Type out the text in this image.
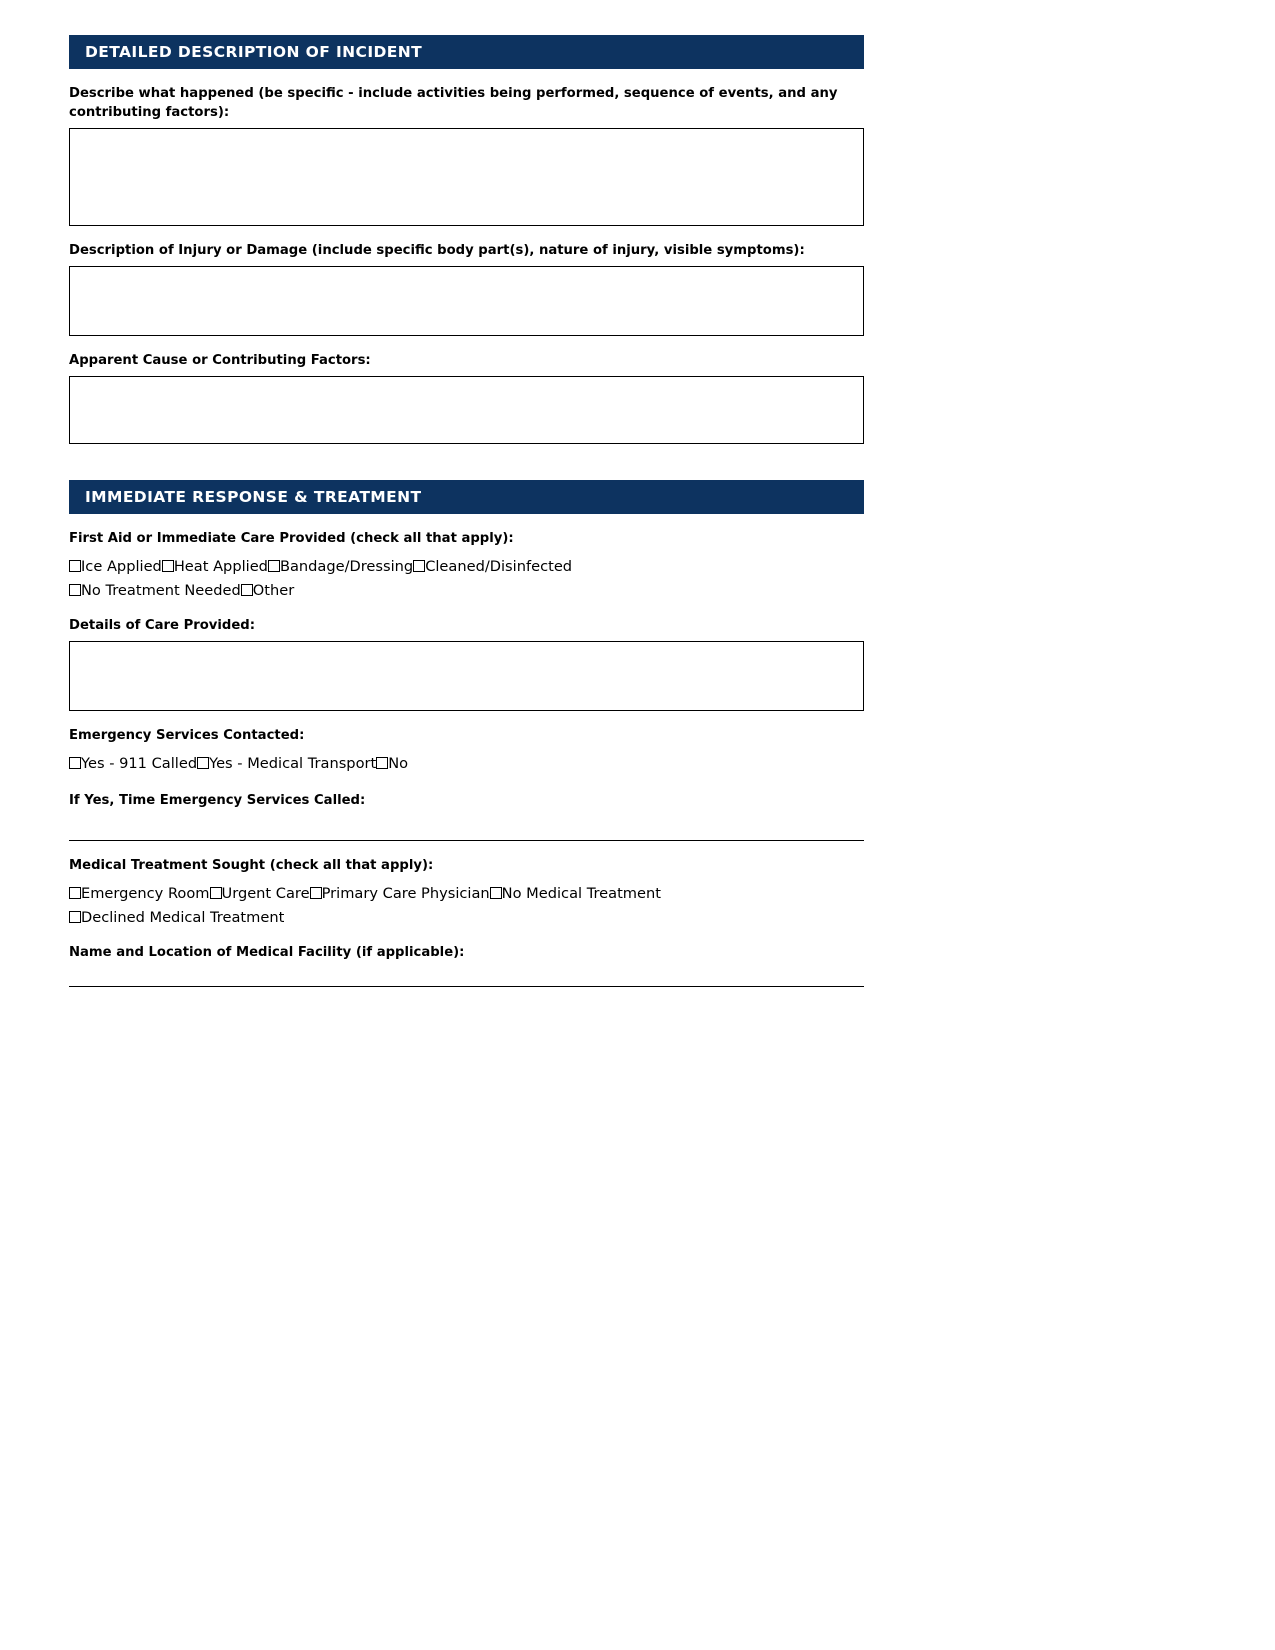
DETAILED DESCRIPTION OF INCIDENT
Describe what happened (be specific - include activities being performed, sequence of events, and any contributing factors):
Description of Injury or Damage (include specific body part(s), nature of injury, visible symptoms):
Apparent Cause or Contributing Factors:
IMMEDIATE RESPONSE & TREATMENT
First Aid or Immediate Care Provided (check all that apply):
Ice Applied Heat Applied Bandage/Dressing Cleaned/Disinfected
No Treatment Needed Other
Details of Care Provided:
Emergency Services Contacted:
Yes - 911 Called Yes - Medical Transport No
If Yes, Time Emergency Services Called:
Medical Treatment Sought (check all that apply):
Emergency Room Urgent Care Primary Care Physician No Medical Treatment
Declined Medical Treatment
Name and Location of Medical Facility (if applicable):
